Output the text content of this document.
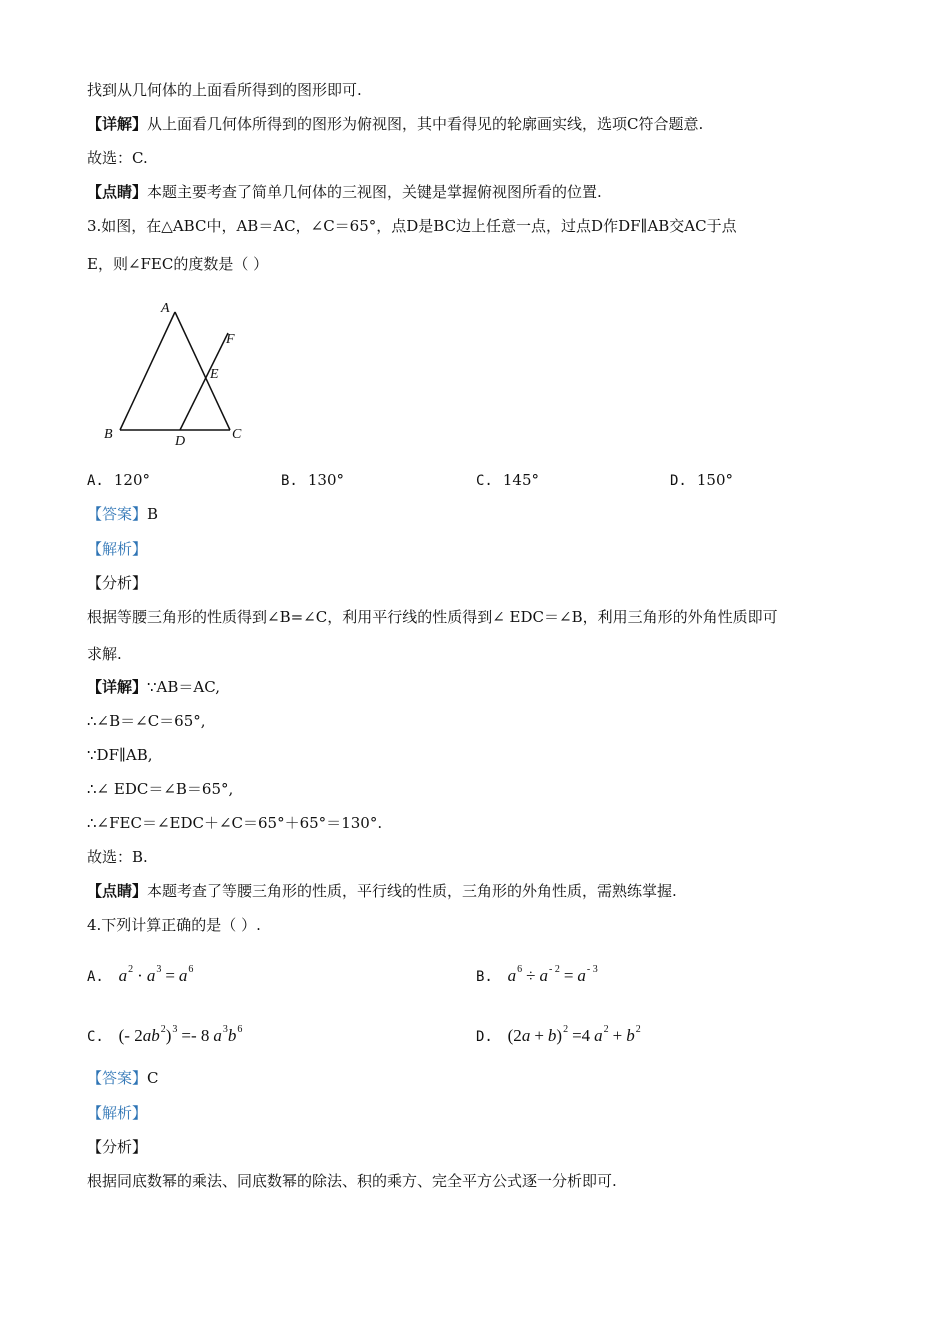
找到从几何体的上面看所得到的图形即可.
【详解】从上面看几何体所得到的图形为俯视图，其中看得见的轮廓画实线，选项C符合题意.
故选：C.
【点睛】本题主要考查了简单几何体的三视图，关键是掌握俯视图所看的位置.
3.如图，在△ABC中，AB＝AC，∠C＝65°，点D是BC边上任意一点，过点D作DF∥AB交AC于点
E，则∠FEC的度数是（ ）
A
B	C
D
E
F
A. 120°	B. 130°	C. 145°	D. 150°
【答案】B
【解析】
【分析】
根据等腰三角形的性质得到∠B=∠C，利用平行线的性质得到∠ EDC＝∠B，利用三角形的外角性质即可
求解.
【详解】∵AB＝AC,
∴∠B＝∠C＝65°,
∵DF∥AB,
∴∠ EDC＝∠B＝65°,
∴∠FEC＝∠EDC＋∠C＝65°＋65°＝130°.
故选：B.
【点睛】本题考查了等腰三角形的性质，平行线的性质，三角形的外角性质，需熟练掌握.
4.下列计算正确的是（ ）.
A. $a^2 \cdot a^3 = a^6$	B. $a^6 \div a^{- 2} = a^{- 3}$
C. (- $2ab^2)^3 =- 8$ $a^3b^6$	D. $(2a + b)^2 =4$ $a^2 + b^2$
【答案】C
【解析】
【分析】
根据同底数幂的乘法、同底数幂的除法、积的乘方、完全平方公式逐一分析即可.
